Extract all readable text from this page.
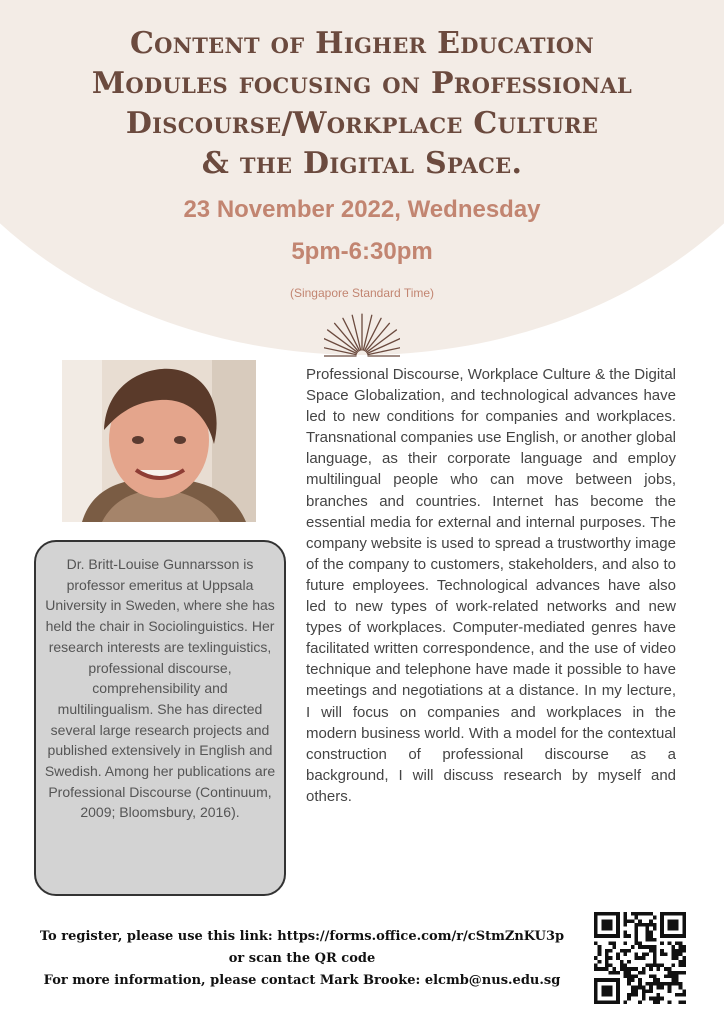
Content of Higher Education
Modules focusing on Professional
Discourse/Workplace Culture
& the Digital Space.
23 November 2022, Wednesday
5pm-6:30pm
(Singapore Standard Time)
Dr. Britt-Louise Gunnarsson is professor emeritus at Uppsala University in Sweden, where she has held the chair in Sociolinguistics. Her research interests are texlinguistics, professional discourse, comprehensibility and multilingualism. She has directed several large research projects and published extensively in English and Swedish. Among her publications are Professional Discourse (Continuum, 2009; Bloomsbury, 2016).
Professional Discourse, Workplace Culture & the Digital Space Globalization, and technological advances have led to new conditions for companies and workplaces. Transnational companies use English, or another global language, as their corporate language and employ multilingual people who can move between jobs, branches and countries. Internet has become the essential media for external and internal purposes. The company website is used to spread a trustworthy image of the company to customers, stakeholders, and also to future employees. Technological advances have also led to new types of work-related networks and new types of workplaces. Computer-mediated genres have facilitated written correspondence, and the use of video technique and telephone have made it possible to have meetings and negotiations at a distance. In my lecture, I will focus on companies and workplaces in the modern business world. With a model for the contextual construction of professional discourse as a background, I will discuss research by myself and others.
To register, please use this link: https://forms.office.com/r/cStmZnKU3p
or scan the QR code
For more information, please contact Mark Brooke: elcmb@nus.edu.sg
